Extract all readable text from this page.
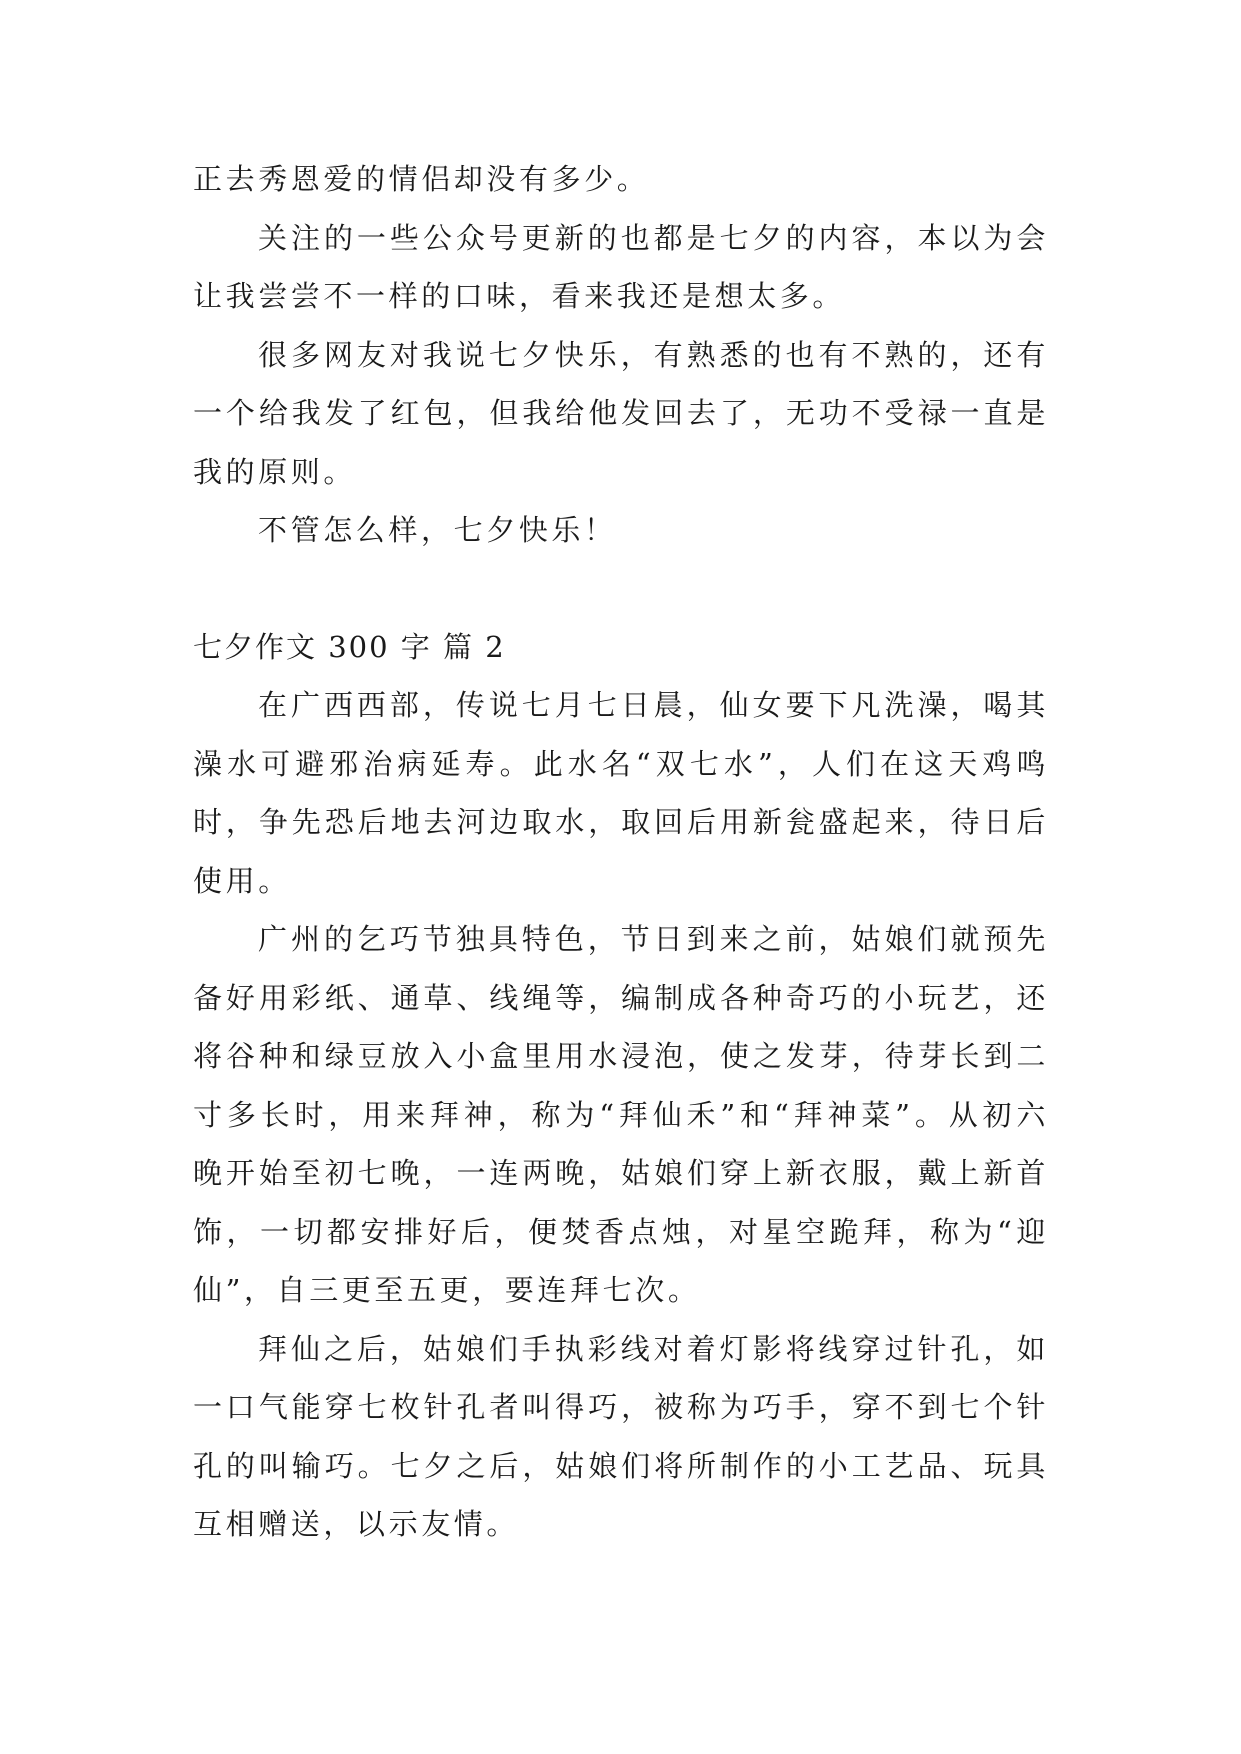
正去秀恩爱的情侣却没有多少。

关注的一些公众号更新的也都是七夕的内容，本以为会让我尝尝不一样的口味，看来我还是想太多。

很多网友对我说七夕快乐，有熟悉的也有不熟的，还有一个给我发了红包，但我给他发回去了，无功不受禄一直是我的原则。

不管怎么样，七夕快乐！

七夕作文 300 字 篇 2

在广西西部，传说七月七日晨，仙女要下凡洗澡，喝其澡水可避邪治病延寿。此水名“双七水”，人们在这天鸡鸣时，争先恐后地去河边取水，取回后用新瓮盛起来，待日后使用。

广州的乞巧节独具特色，节日到来之前，姑娘们就预先备好用彩纸、通草、线绳等，编制成各种奇巧的小玩艺，还将谷种和绿豆放入小盒里用水浸泡，使之发芽，待芽长到二寸多长时，用来拜神，称为“拜仙禾”和“拜神菜”。从初六晚开始至初七晚，一连两晚，姑娘们穿上新衣服，戴上新首饰，一切都安排好后，便焚香点烛，对星空跪拜，称为“迎仙”，自三更至五更，要连拜七次。

拜仙之后，姑娘们手执彩线对着灯影将线穿过针孔，如一口气能穿七枚针孔者叫得巧，被称为巧手，穿不到七个针孔的叫输巧。七夕之后，姑娘们将所制作的小工艺品、玩具互相赠送，以示友情。
